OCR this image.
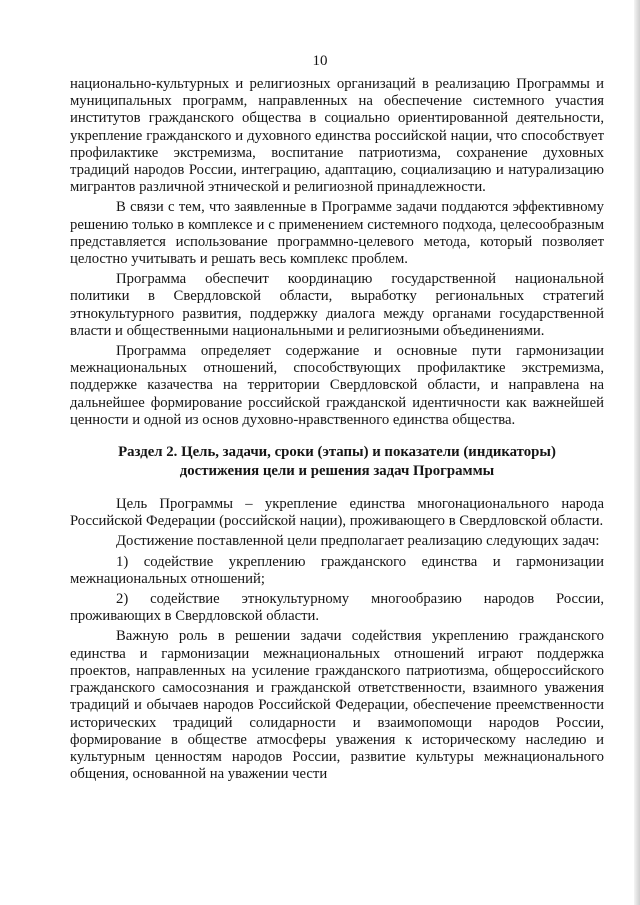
10

национально-культурных и религиозных организаций в реализацию Программы и муниципальных программ, направленных на обеспечение системного участия институтов гражданского общества в социально ориентированной деятельности, укрепление гражданского и духовного единства российской нации, что способствует профилактике экстремизма, воспитание патриотизма, сохранение духовных традиций народов России, интеграцию, адаптацию, социализацию и натурализацию мигрантов различной этнической и религиозной принадлежности.

В связи с тем, что заявленные в Программе задачи поддаются эффективному решению только в комплексе и с применением системного подхода, целесообразным представляется использование программно-целевого метода, который позволяет целостно учитывать и решать весь комплекс проблем.

Программа обеспечит координацию государственной национальной политики в Свердловской области, выработку региональных стратегий этнокультурного развития, поддержку диалога между органами государственной власти и общественными национальными и религиозными объединениями.

Программа определяет содержание и основные пути гармонизации межнациональных отношений, способствующих профилактике экстремизма, поддержке казачества на территории Свердловской области, и направлена на дальнейшее формирование российской гражданской идентичности как важнейшей ценности и одной из основ духовно-нравственного единства общества.

Раздел 2. Цель, задачи, сроки (этапы) и показатели (индикаторы)
достижения цели и решения задач Программы

Цель Программы – укрепление единства многонационального народа Российской Федерации (российской нации), проживающего в Свердловской области.

Достижение поставленной цели предполагает реализацию следующих задач:

1) содействие укреплению гражданского единства и гармонизации межнациональных отношений;

2) содействие этнокультурному многообразию народов России, проживающих в Свердловской области.

Важную роль в решении задачи содействия укреплению гражданского единства и гармонизации межнациональных отношений играют поддержка проектов, направленных на усиление гражданского патриотизма, общероссийского гражданского самосознания и гражданской ответственности, взаимного уважения традиций и обычаев народов Российской Федерации, обеспечение преемственности исторических традиций солидарности и взаимопомощи народов России, формирование в обществе атмосферы уважения к историческому наследию и культурным ценностям народов России, развитие культуры межнационального общения, основанной на уважении чести
